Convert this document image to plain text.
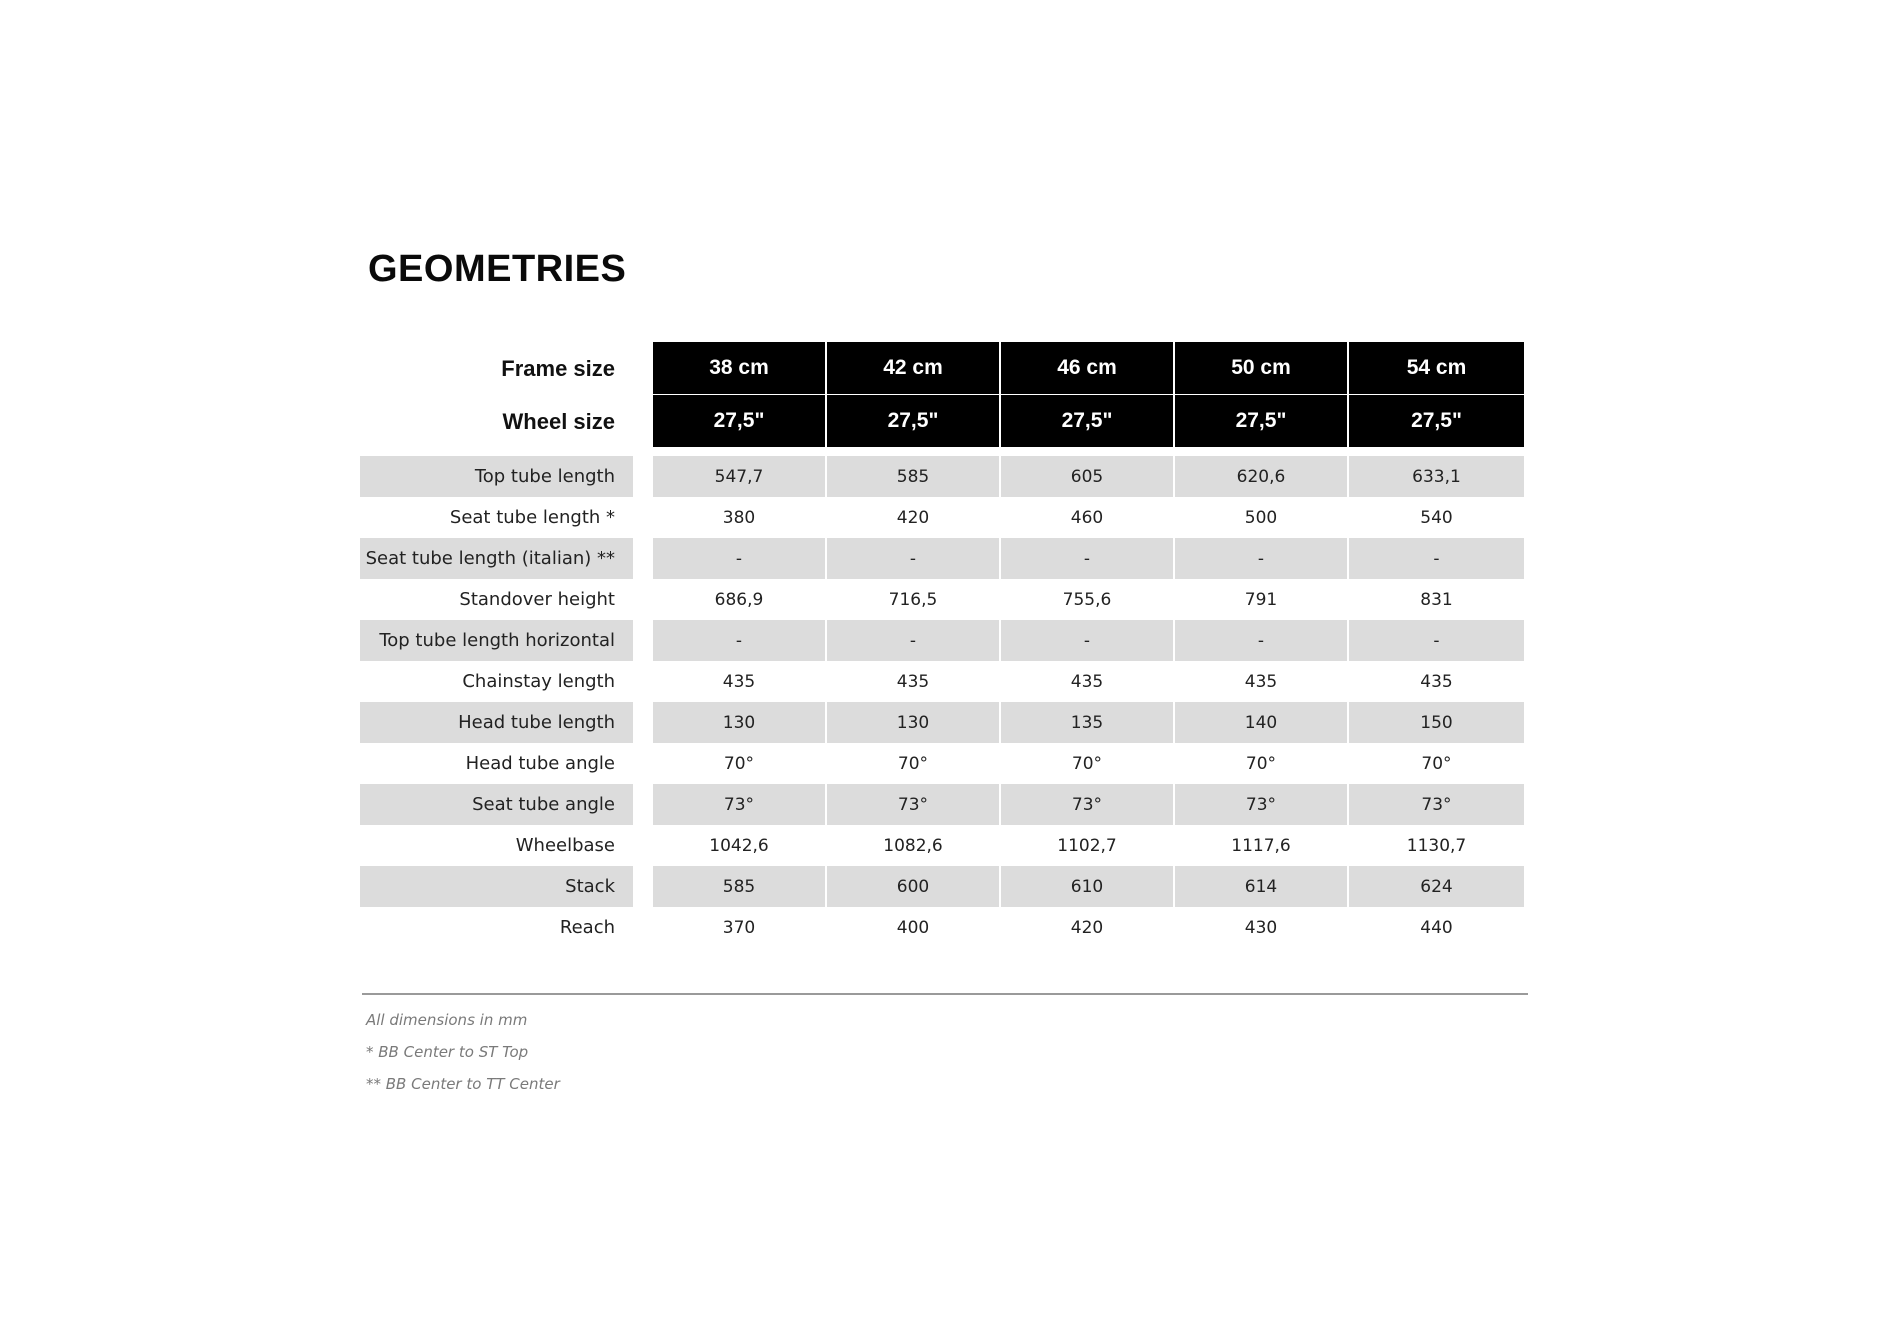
GEOMETRIES
Frame size	38 cm	42 cm	46 cm	50 cm	54 cm
Wheel size	27,5"	27,5"	27,5"	27,5"	27,5"
Top tube length	547,7	585	605	620,6	633,1
Seat tube length *	380	420	460	500	540
Seat tube length (italian) **	-	-	-	-	-
Standover height	686,9	716,5	755,6	791	831
Top tube length horizontal	-	-	-	-	-
Chainstay length	435	435	435	435	435
Head tube length	130	130	135	140	150
Head tube angle	70°	70°	70°	70°	70°
Seat tube angle	73°	73°	73°	73°	73°
Wheelbase	1042,6	1082,6	1102,7	1117,6	1130,7
Stack	585	600	610	614	624
Reach	370	400	420	430	440
All dimensions in mm
* BB Center to ST Top
** BB Center to TT Center
